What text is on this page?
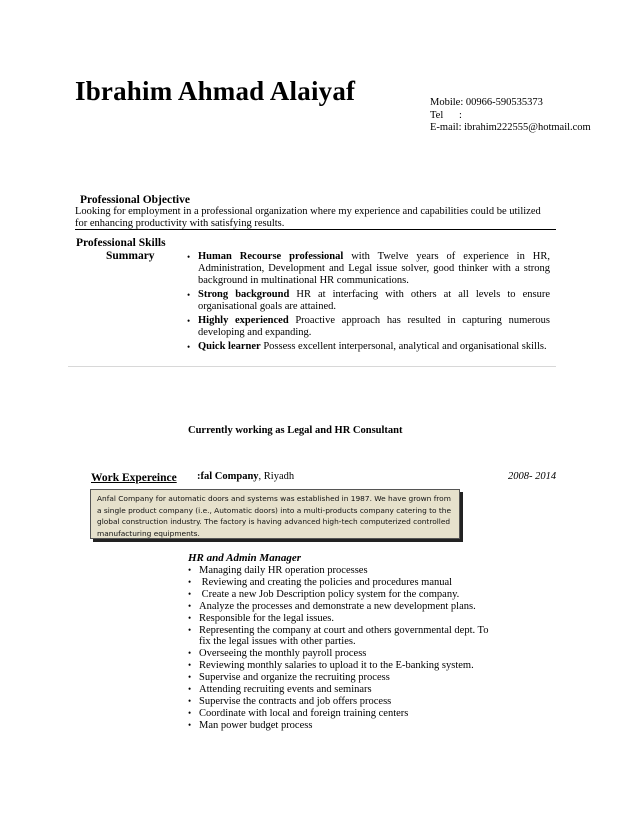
Ibrahim Ahmad Alaiyaf	Mobile: 00966-590535373
Tel      :
E-mail: ibrahim222555@hotmail.com
Professional Objective
Looking for employment in a professional organization where my experience and capabilities could be utilized for enhancing productivity with satisfying results.
Professional Skills
Summary	• Human Recourse professional with Twelve years of experience in HR, Administration, Development and Legal issue solver, good thinker with a strong background in multinational HR communications.
• Strong background HR at interfacing with others at all levels to ensure organisational goals are attained.
• Highly experienced Proactive approach has resulted in capturing numerous developing and expanding.
• Quick learner Possess excellent interpersonal, analytical and organisational skills.
Currently working as Legal and HR Consultant
Work Expereince :fal Company, Riyadh	2008- 2014
Anfal Company for automatic doors and systems was established in 1987. We have grown from a single product company (i.e., Automatic doors) into a multi-products company catering to the global construction industry. The factory is having advanced high-tech computerized controlled manufacturing equipments.
HR and Admin Manager
• Managing daily HR operation processes
• Reviewing and creating the policies and procedures manual
• Create a new Job Description policy system for the company.
• Analyze the processes and demonstrate a new development plans.
• Responsible for the legal issues.
• Representing the company at court and others governmental dept. To fix the legal issues with other parties.
• Overseeing the monthly payroll process
• Reviewing monthly salaries to upload it to the E-banking system.
• Supervise and organize the recruiting process
• Attending recruiting events and seminars
• Supervise the contracts and job offers process
• Coordinate with local and foreign training centers
• Man power budget process
